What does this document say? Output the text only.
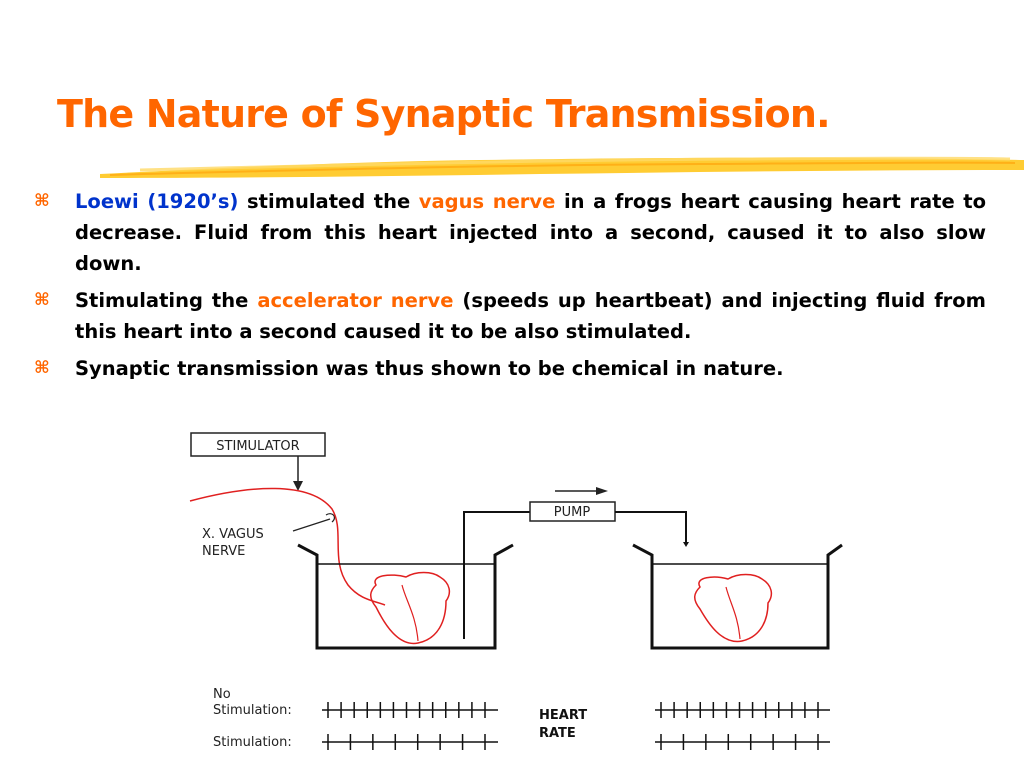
The Nature of Synaptic Transmission.
⌘ Loewi (1920’s) stimulated the vagus nerve in a frogs heart causing heart rate to decrease. Fluid from this heart injected into a second, caused it to also slow down.
⌘ Stimulating the accelerator nerve (speeds up heartbeat) and injecting fluid from this heart into a second caused it to be also stimulated.
⌘ Synaptic transmission was thus shown to be chemical in nature.
STIMULATOR
X. VAGUS
NERVE
PUMP
No
Stimulation:
Stimulation:
HEART
RATE
